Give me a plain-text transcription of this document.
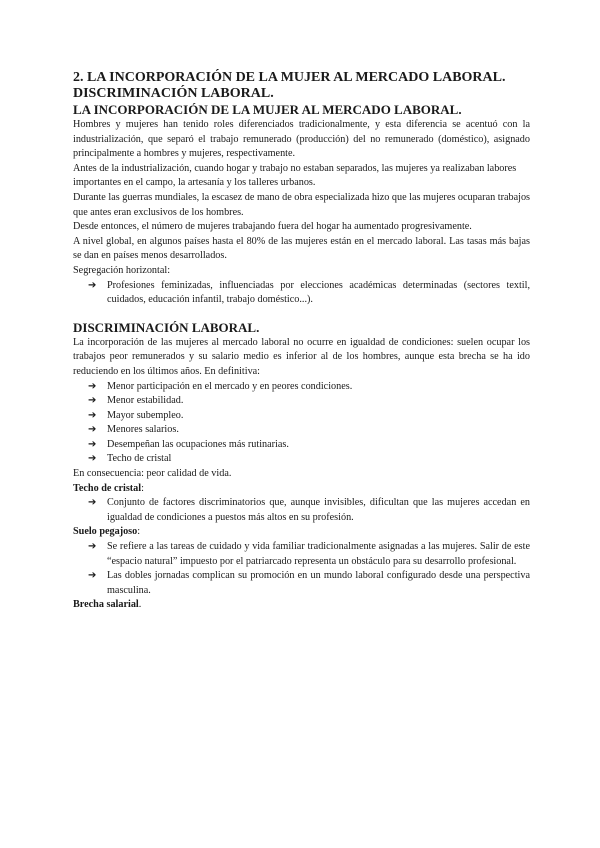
2. LA INCORPORACIÓN DE LA MUJER AL MERCADO LABORAL.
DISCRIMINACIÓN LABORAL.
LA INCORPORACIÓN DE LA MUJER AL MERCADO LABORAL.

Hombres y mujeres han tenido roles diferenciados tradicionalmente, y esta diferencia se acentuó con la industrialización, que separó el trabajo remunerado (producción) del no remunerado (doméstico), asignado principalmente a hombres y mujeres, respectivamente.

Antes de la industrialización, cuando hogar y trabajo no estaban separados, las mujeres ya realizaban labores importantes en el campo, la artesanía y los talleres urbanos.

Durante las guerras mundiales, la escasez de mano de obra especializada hizo que las mujeres ocuparan trabajos que antes eran exclusivos de los hombres.

Desde entonces, el número de mujeres trabajando fuera del hogar ha aumentado progresivamente.

A nivel global, en algunos países hasta el 80% de las mujeres están en el mercado laboral. Las tasas más bajas se dan en países menos desarrollados.

Segregación horizontal:

➔ Profesiones feminizadas, influenciadas por elecciones académicas determinadas (sectores textil, cuidados, educación infantil, trabajo doméstico...).
DISCRIMINACIÓN LABORAL.

La incorporación de las mujeres al mercado laboral no ocurre en igualdad de condiciones: suelen ocupar los trabajos peor remunerados y su salario medio es inferior al de los hombres, aunque esta brecha se ha ido reduciendo en los últimos años. En definitiva:

➔ Menor participación en el mercado y en peores condiciones.
➔ Menor estabilidad.
➔ Mayor subempleo.
➔ Menores salarios.
➔ Desempeñan las ocupaciones más rutinarias.
➔ Techo de cristal

En consecuencia: peor calidad de vida.

Techo de cristal:

➔ Conjunto de factores discriminatorios que, aunque invisibles, dificultan que las mujeres accedan en igualdad de condiciones a puestos más altos en su profesión.

Suelo pegajoso:

➔ Se refiere a las tareas de cuidado y vida familiar tradicionalmente asignadas a las mujeres. Salir de este “espacio natural” impuesto por el patriarcado representa un obstáculo para su desarrollo profesional.
➔ Las dobles jornadas complican su promoción en un mundo laboral configurado desde una perspectiva masculina.

Brecha salarial.
